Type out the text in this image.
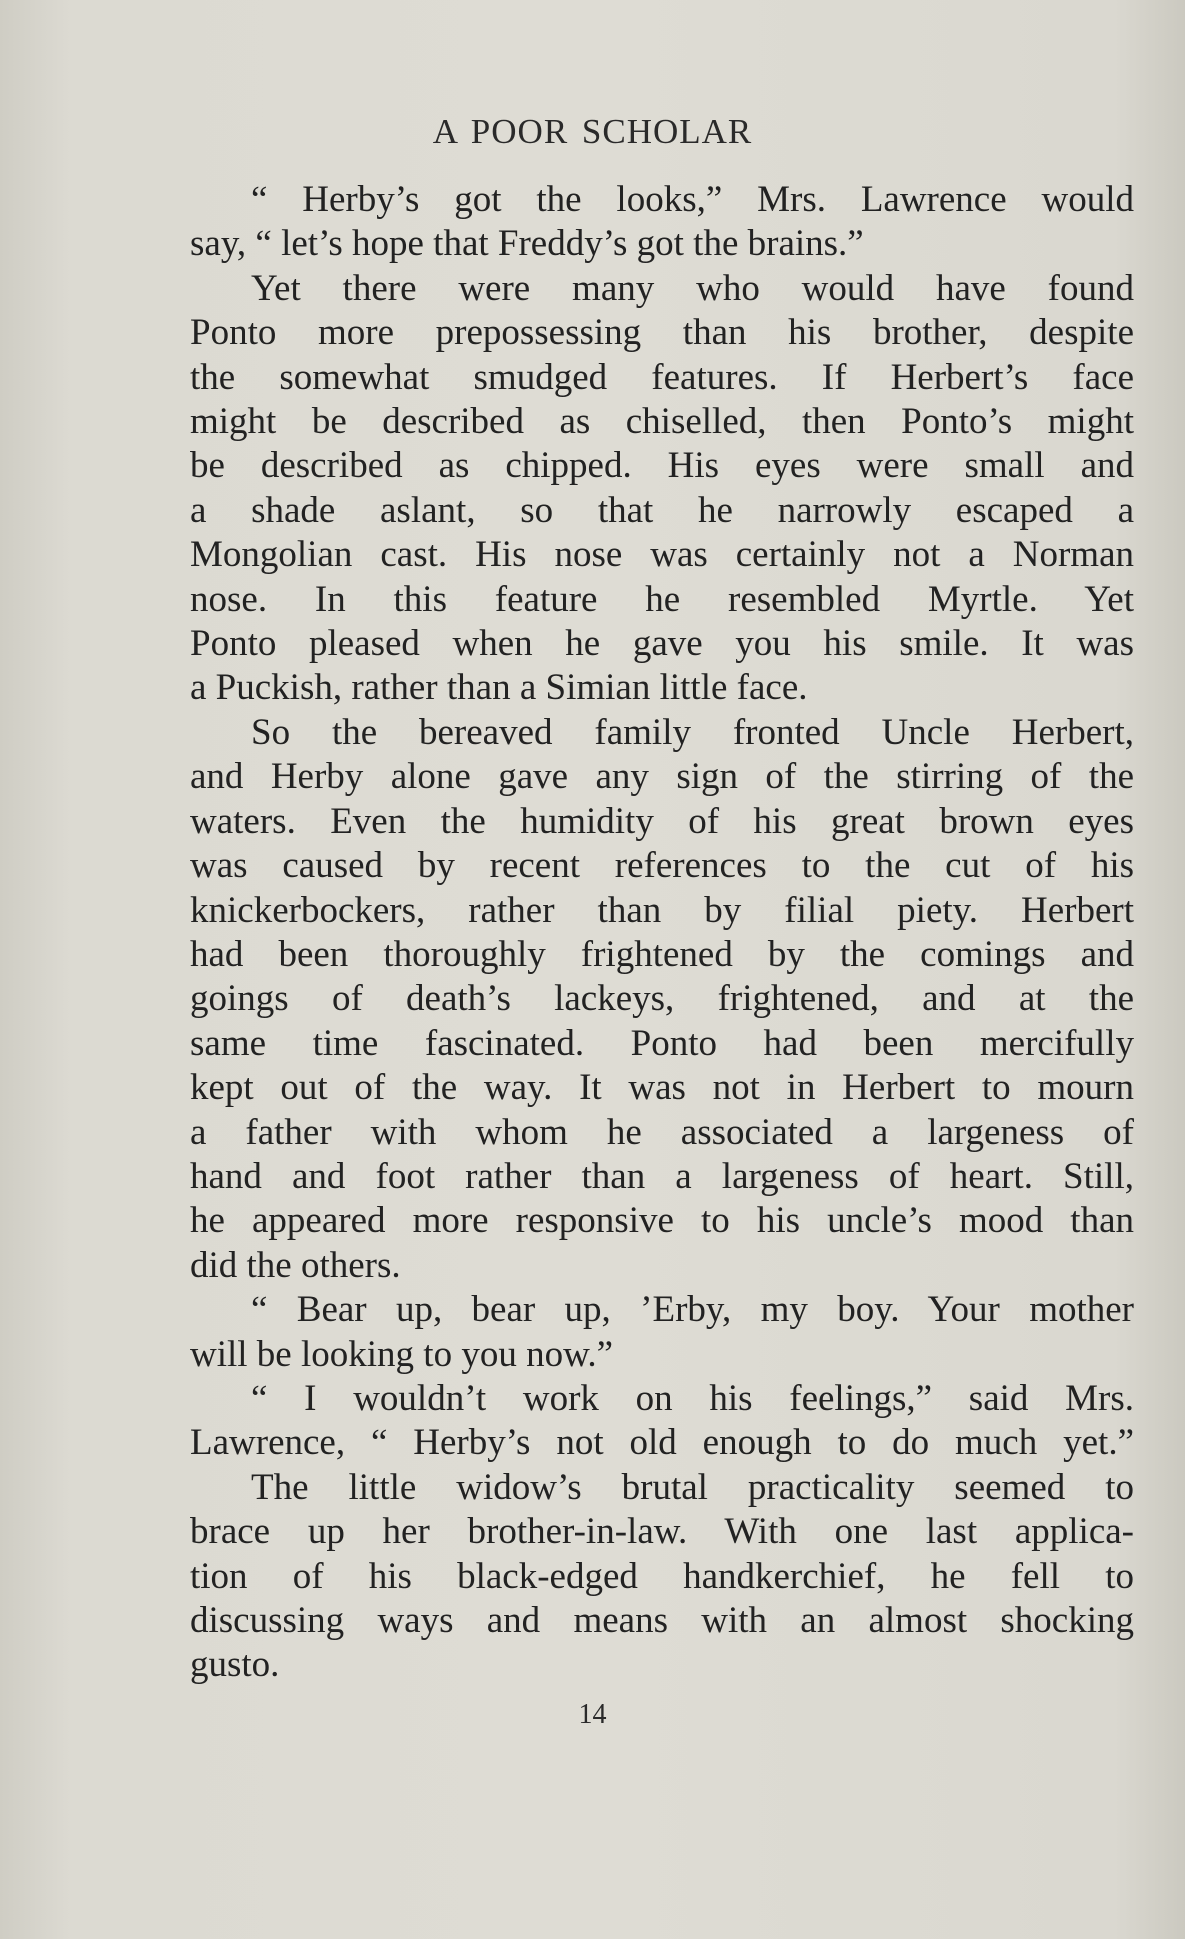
A POOR SCHOLAR
“ Herby’s got the looks,” Mrs. Lawrence would
say, “ let’s hope that Freddy’s got the brains.”
Yet there were many who would have found
Ponto more prepossessing than his brother, despite
the somewhat smudged features. If Herbert’s face
might be described as chiselled, then Ponto’s might
be described as chipped. His eyes were small and
a shade aslant, so that he narrowly escaped a
Mongolian cast. His nose was certainly not a Norman
nose. In this feature he resembled Myrtle. Yet
Ponto pleased when he gave you his smile. It was
a Puckish, rather than a Simian little face.
So the bereaved family fronted Uncle Herbert,
and Herby alone gave any sign of the stirring of the
waters. Even the humidity of his great brown eyes
was caused by recent references to the cut of his
knickerbockers, rather than by filial piety. Herbert
had been thoroughly frightened by the comings and
goings of death’s lackeys, frightened, and at the
same time fascinated. Ponto had been mercifully
kept out of the way. It was not in Herbert to mourn
a father with whom he associated a largeness of
hand and foot rather than a largeness of heart. Still,
he appeared more responsive to his uncle’s mood than
did the others.
“ Bear up, bear up, ’Erby, my boy. Your mother
will be looking to you now.”
“ I wouldn’t work on his feelings,” said Mrs.
Lawrence, “ Herby’s not old enough to do much yet.”
The little widow’s brutal practicality seemed to
brace up her brother-in-law. With one last applica-
tion of his black-edged handkerchief, he fell to
discussing ways and means with an almost shocking
gusto.
14
